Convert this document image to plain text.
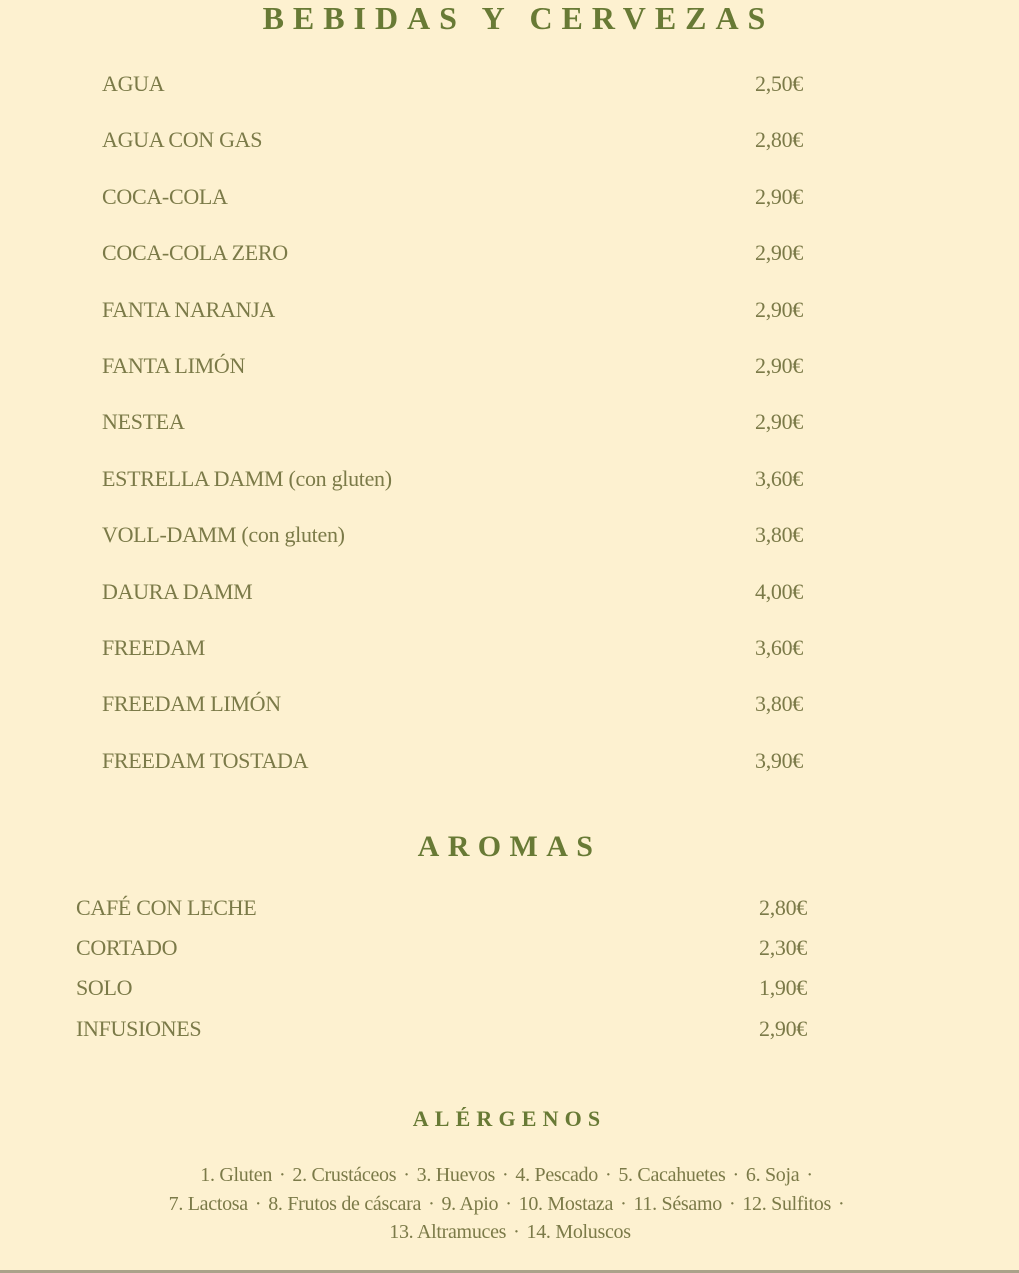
BEBIDAS Y CERVEZAS
AGUA	2,50€
AGUA CON GAS	2,80€
COCA-COLA	2,90€
COCA-COLA ZERO	2,90€
FANTA NARANJA	2,90€
FANTA LIMÓN	2,90€
NESTEA	2,90€
ESTRELLA DAMM (con gluten)	3,60€
VOLL-DAMM (con gluten)	3,80€
DAURA DAMM	4,00€
FREEDAM	3,60€
FREEDAM LIMÓN	3,80€
FREEDAM TOSTADA	3,90€
AROMAS
CAFÉ CON LECHE	2,80€
CORTADO	2,30€
SOLO	1,90€
INFUSIONES	2,90€
ALÉRGENOS
1. Gluten · 2. Crustáceos · 3. Huevos · 4. Pescado · 5. Cacahuetes · 6. Soja ·
7. Lactosa · 8. Frutos de cáscara · 9. Apio · 10. Mostaza · 11. Sésamo · 12. Sulfitos ·
13. Altramuces · 14. Moluscos
